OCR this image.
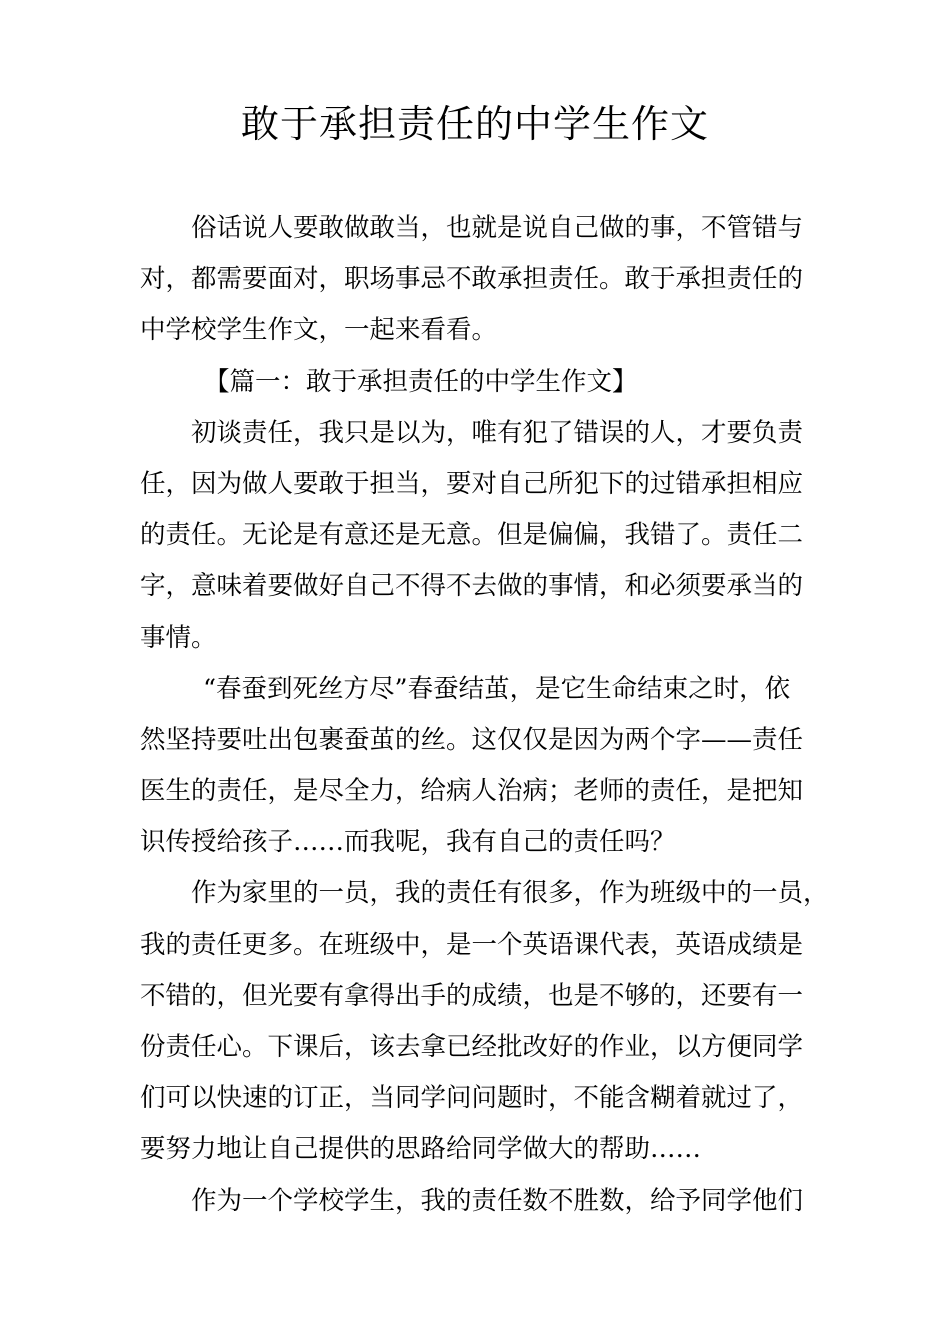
敢于承担责任的中学生作文
俗话说人要敢做敢当，也就是说自己做的事，不管错与
对，都需要面对，职场事忌不敢承担责任。敢于承担责任的
中学校学生作文，一起来看看。
【篇一：敢于承担责任的中学生作文】
初谈责任，我只是以为，唯有犯了错误的人，才要负责
任，因为做人要敢于担当，要对自己所犯下的过错承担相应
的责任。无论是有意还是无意。但是偏偏，我错了。责任二
字，意味着要做好自己不得不去做的事情，和必须要承当的
事情。
“春蚕到死丝方尽”春蚕结茧，是它生命结束之时，依
然坚持要吐出包裹蚕茧的丝。这仅仅是因为两个字——责任
医生的责任，是尽全力，给病人治病；老师的责任，是把知
识传授给孩子……而我呢，我有自己的责任吗？
作为家里的一员，我的责任有很多，作为班级中的一员，
我的责任更多。在班级中，是一个英语课代表，英语成绩是
不错的，但光要有拿得出手的成绩，也是不够的，还要有一
份责任心。下课后，该去拿已经批改好的作业，以方便同学
们可以快速的订正，当同学问问题时，不能含糊着就过了，
要努力地让自己提供的思路给同学做大的帮助……
作为一个学校学生，我的责任数不胜数，给予同学他们
